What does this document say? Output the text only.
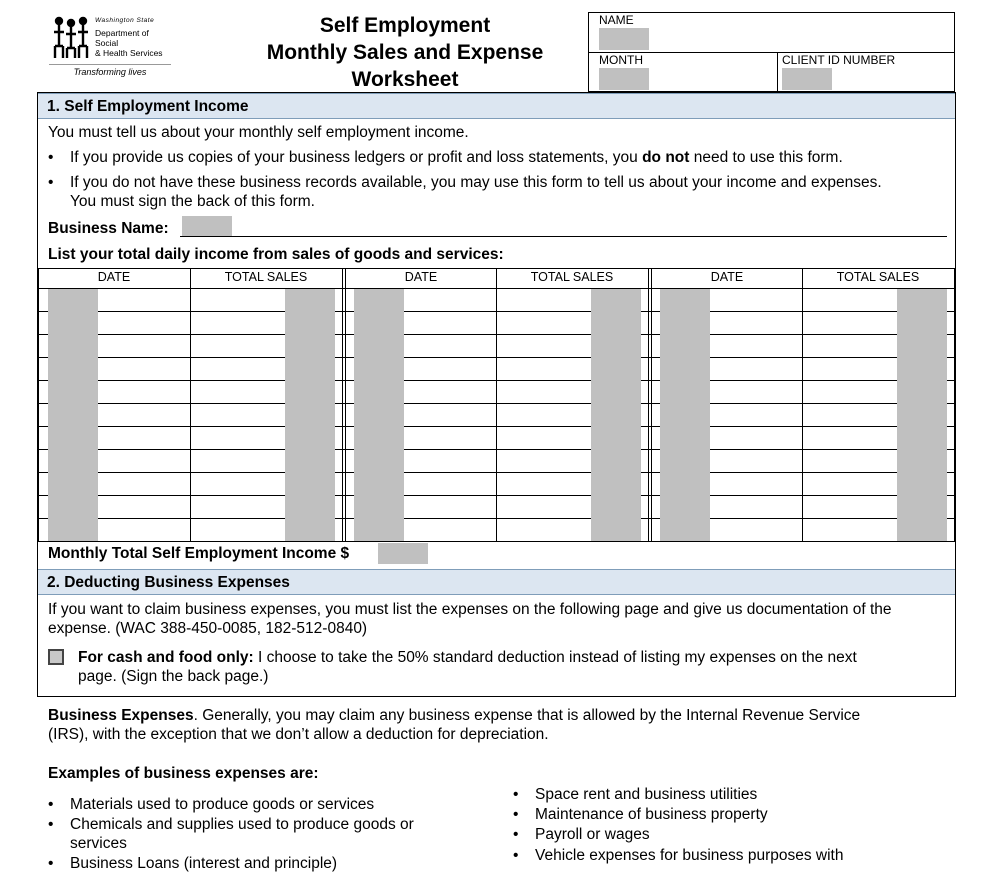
Washington State
Department of Social
& Health Services
Transforming lives
Self Employment
Monthly Sales and Expense
Worksheet
NAME
MONTH	CLIENT ID NUMBER
1. Self Employment Income
You must tell us about your monthly self employment income.
• If you provide us copies of your business ledgers or profit and loss statements, you do not need to use this form.
• If you do not have these business records available, you may use this form to tell us about your income and expenses.
You must sign the back of this form.
Business Name:
List your total daily income from sales of goods and services:
DATE	TOTAL SALES	DATE	TOTAL SALES	DATE	TOTAL SALES
Monthly Total Self Employment Income $
2. Deducting Business Expenses
If you want to claim business expenses, you must list the expenses on the following page and give us documentation of the
expense. (WAC 388-450-0085, 182-512-0840)
For cash and food only: I choose to take the 50% standard deduction instead of listing my expenses on the next
page. (Sign the back page.)
Business Expenses. Generally, you may claim any business expense that is allowed by the Internal Revenue Service
(IRS), with the exception that we don’t allow a deduction for depreciation.
Examples of business expenses are:
• Materials used to produce goods or services
• Chemicals and supplies used to produce goods or
services
• Business Loans (interest and principle)
• Space rent and business utilities
• Maintenance of business property
• Payroll or wages
• Vehicle expenses for business purposes with
